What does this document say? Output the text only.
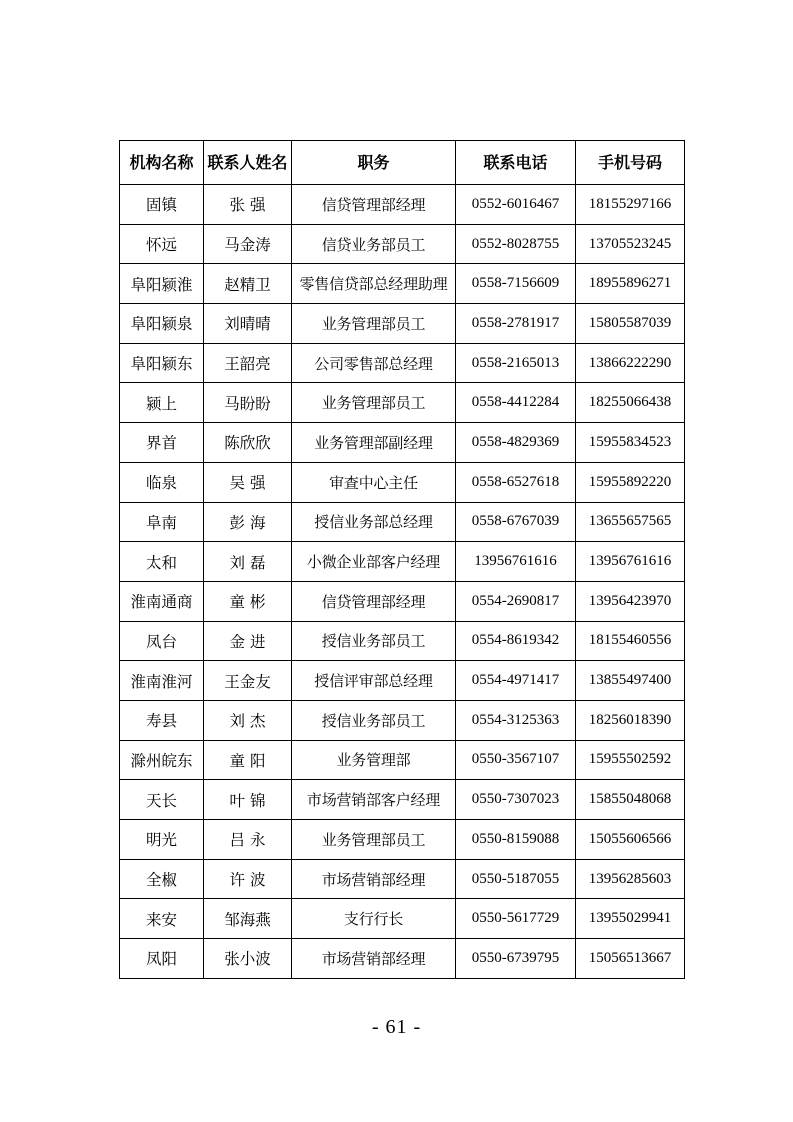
机构名称	联系人姓名	职务	联系电话	手机号码
固镇	张 强	信贷管理部经理	0552-6016467	18155297166
怀远	马金涛	信贷业务部员工	0552-8028755	13705523245
阜阳颍淮	赵精卫	零售信贷部总经理助理	0558-7156609	18955896271
阜阳颍泉	刘晴晴	业务管理部员工	0558-2781917	15805587039
阜阳颍东	王韶亮	公司零售部总经理	0558-2165013	13866222290
颍上	马盼盼	业务管理部员工	0558-4412284	18255066438
界首	陈欣欣	业务管理部副经理	0558-4829369	15955834523
临泉	吴 强	审查中心主任	0558-6527618	15955892220
阜南	彭 海	授信业务部总经理	0558-6767039	13655657565
太和	刘 磊	小微企业部客户经理	13956761616	13956761616
淮南通商	童 彬	信贷管理部经理	0554-2690817	13956423970
凤台	金 进	授信业务部员工	0554-8619342	18155460556
淮南淮河	王金友	授信评审部总经理	0554-4971417	13855497400
寿县	刘 杰	授信业务部员工	0554-3125363	18256018390
滁州皖东	童 阳	业务管理部	0550-3567107	15955502592
天长	叶 锦	市场营销部客户经理	0550-7307023	15855048068
明光	吕 永	业务管理部员工	0550-8159088	15055606566
全椒	许 波	市场营销部经理	0550-5187055	13956285603
来安	邹海燕	支行行长	0550-5617729	13955029941
凤阳	张小波	市场营销部经理	0550-6739795	15056513667
- 61 -
